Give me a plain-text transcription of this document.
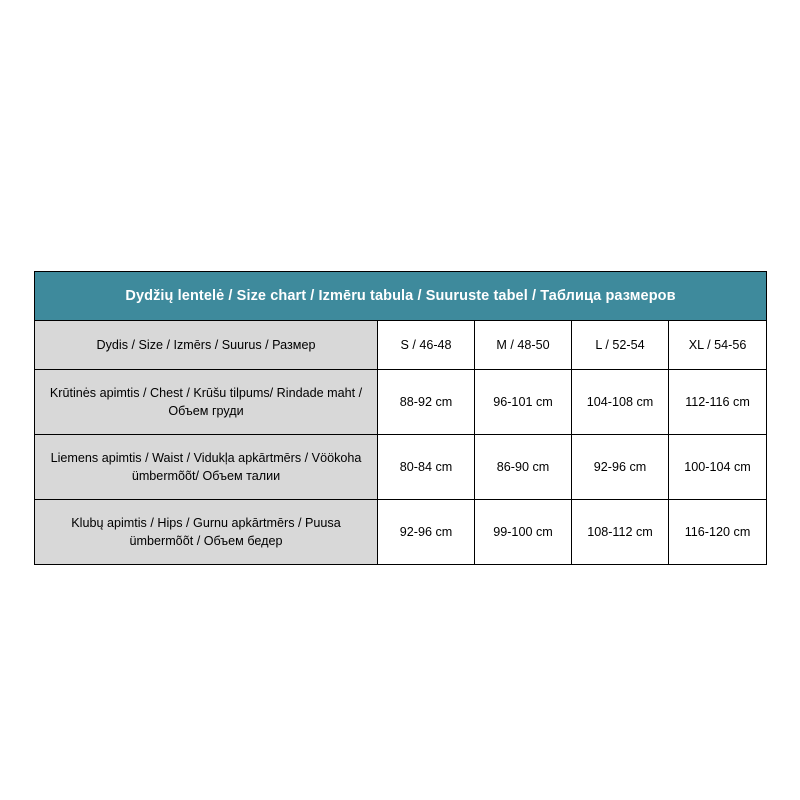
Dydžių lentelė / Size chart / Izmēru tabula / Suuruste tabel / Таблица размеров				
Dydis / Size / Izmērs / Suurus / Размер	S / 46-48	M / 48-50	L / 52-54	XL / 54-56
Krūtinės apimtis / Chest / Krūšu tilpums/ Rindade maht / Объем груди	88-92 cm	96-101 cm	104-108 cm	112-116 cm
Liemens apimtis / Waist / Vidukļa apkārtmērs / Vöökoha ümbermõõt/ Объем талии	80-84 cm	86-90 cm	92-96 cm	100-104 cm
Klubų apimtis / Hips / Gurnu apkārtmērs / Puusa ümbermõõt / Объем бедер	92-96 cm	99-100 cm	108-112 cm	116-120 cm
